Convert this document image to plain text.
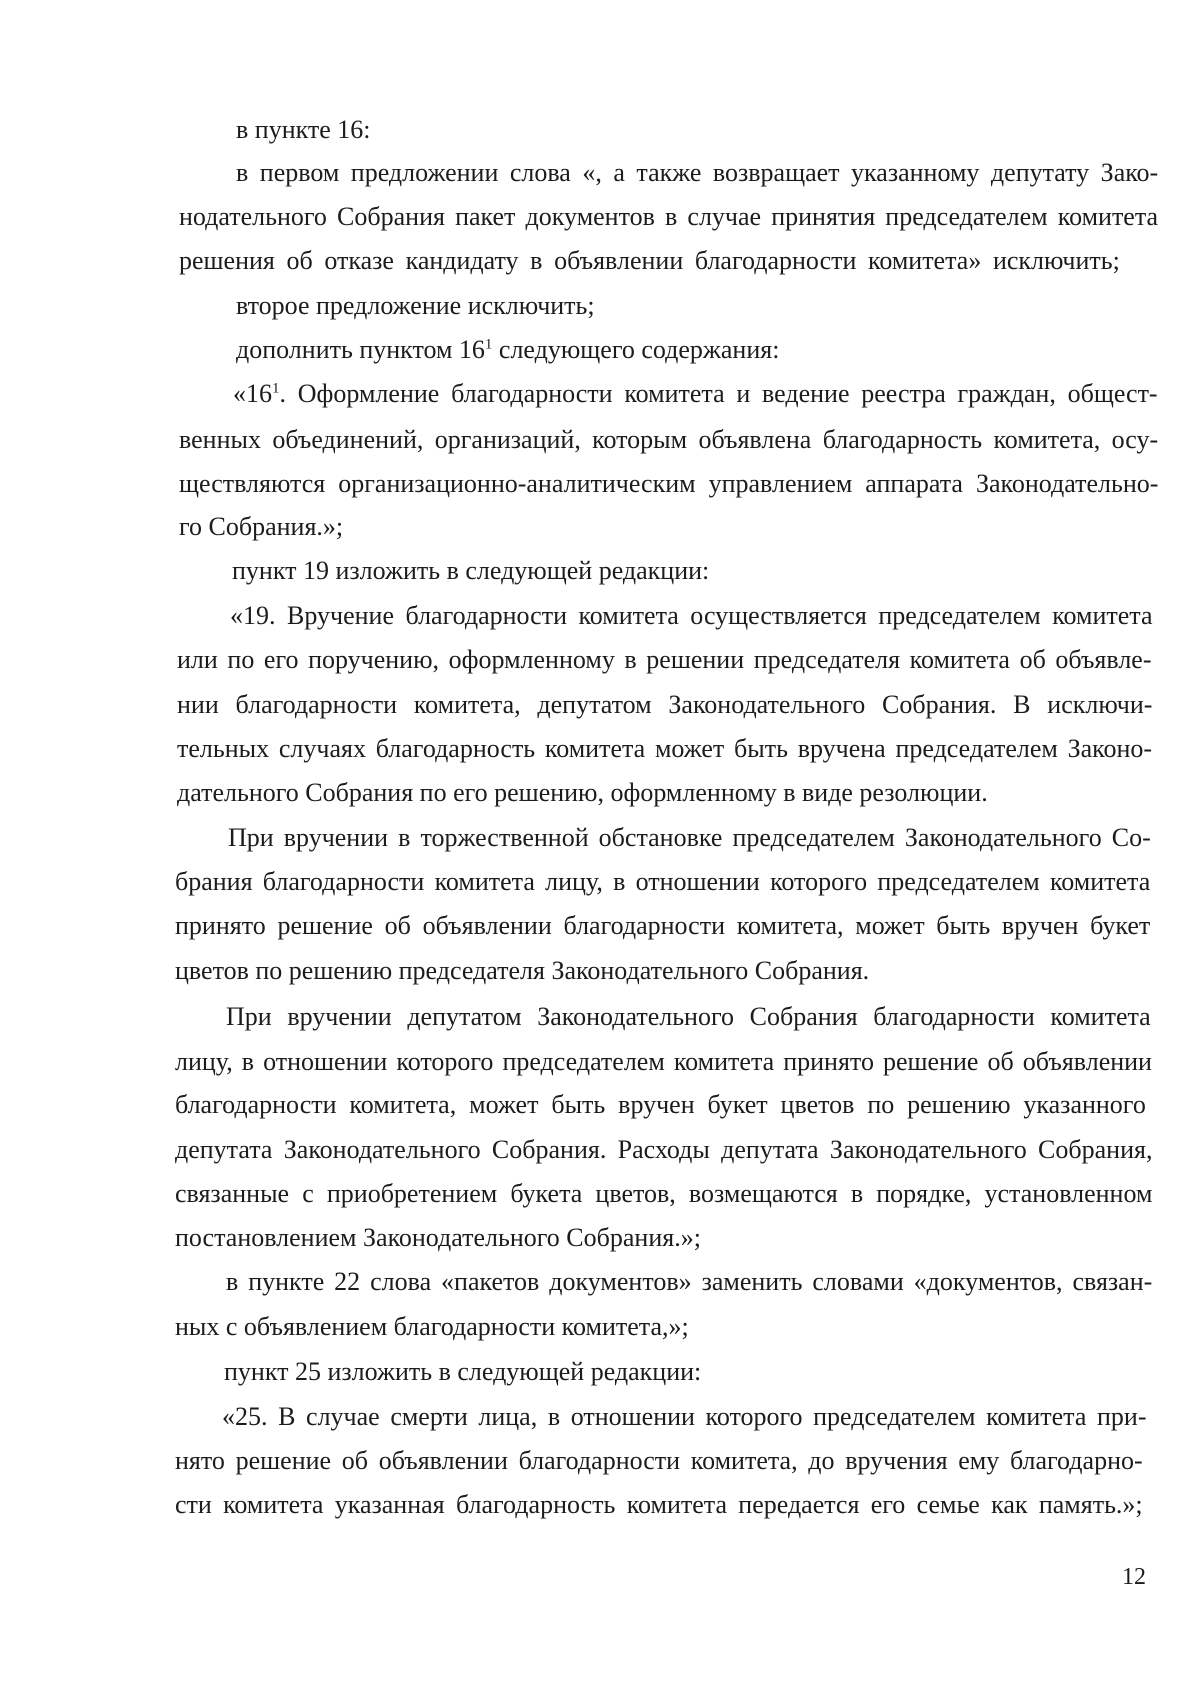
в пункте 16:
в первом предложении слова «, а также возвращает указанному депутату Зако-
нодательного Собрания пакет документов в случае принятия председателем комитета
решения об отказе кандидату в объявлении благодарности комитета» исключить;
второе предложение исключить;
дополнить пунктом $16^1$ следующего содержания:
«$16^1$. Оформление благодарности комитета и ведение реестра граждан, общест-
венных объединений, организаций, которым объявлена благодарность комитета, осу-
ществляются организационно-аналитическим управлением аппарата Законодательно-
го Собрания.»;
пункт 19 изложить в следующей редакции:
«19. Вручение благодарности комитета осуществляется председателем комитета
или по его поручению, оформленному в решении председателя комитета об объявле-
нии благодарности комитета, депутатом Законодательного Собрания. В исключи-
тельных случаях благодарность комитета может быть вручена председателем Законо-
дательного Собрания по его решению, оформленному в виде резолюции.
При вручении в торжественной обстановке председателем Законодательного Со-
брания благодарности комитета лицу, в отношении которого председателем комитета
принято решение об объявлении благодарности комитета, может быть вручен букет
цветов по решению председателя Законодательного Собрания.
При вручении депутатом Законодательного Собрания благодарности комитета
лицу, в отношении которого председателем комитета принято решение об объявлении
благодарности комитета, может быть вручен букет цветов по решению указанного
депутата Законодательного Собрания. Расходы депутата Законодательного Собрания,
связанные с приобретением букета цветов, возмещаются в порядке, установленном
постановлением Законодательного Собрания.»;
в пункте 22 слова «пакетов документов» заменить словами «документов, связан-
ных с объявлением благодарности комитета,»;
пункт 25 изложить в следующей редакции:
«25. В случае смерти лица, в отношении которого председателем комитета при-
нято решение об объявлении благодарности комитета, до вручения ему благодарно-
сти комитета указанная благодарность комитета передается его семье как память.»;
12
